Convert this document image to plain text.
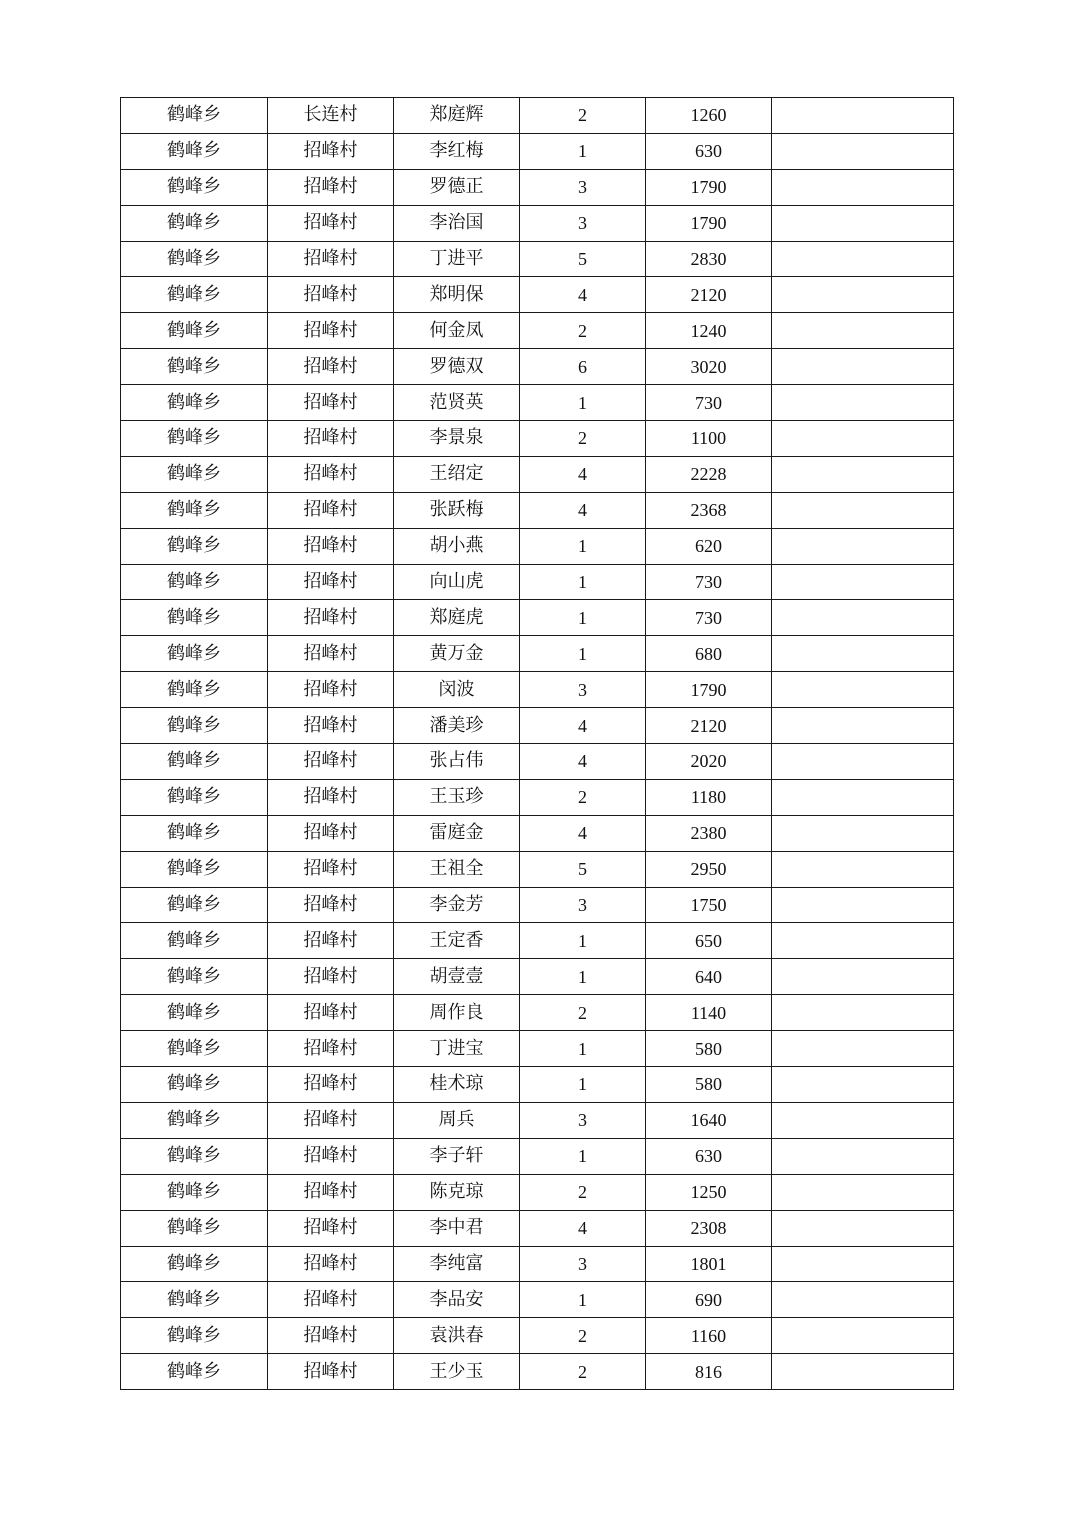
鹤峰乡	长连村	郑庭辉	2	1260	
鹤峰乡	招峰村	李红梅	1	630	
鹤峰乡	招峰村	罗德正	3	1790	
鹤峰乡	招峰村	李治国	3	1790	
鹤峰乡	招峰村	丁进平	5	2830	
鹤峰乡	招峰村	郑明保	4	2120	
鹤峰乡	招峰村	何金凤	2	1240	
鹤峰乡	招峰村	罗德双	6	3020	
鹤峰乡	招峰村	范贤英	1	730	
鹤峰乡	招峰村	李景泉	2	1100	
鹤峰乡	招峰村	王绍定	4	2228	
鹤峰乡	招峰村	张跃梅	4	2368	
鹤峰乡	招峰村	胡小燕	1	620	
鹤峰乡	招峰村	向山虎	1	730	
鹤峰乡	招峰村	郑庭虎	1	730	
鹤峰乡	招峰村	黄万金	1	680	
鹤峰乡	招峰村	闵波	3	1790	
鹤峰乡	招峰村	潘美珍	4	2120	
鹤峰乡	招峰村	张占伟	4	2020	
鹤峰乡	招峰村	王玉珍	2	1180	
鹤峰乡	招峰村	雷庭金	4	2380	
鹤峰乡	招峰村	王祖全	5	2950	
鹤峰乡	招峰村	李金芳	3	1750	
鹤峰乡	招峰村	王定香	1	650	
鹤峰乡	招峰村	胡壹壹	1	640	
鹤峰乡	招峰村	周作良	2	1140	
鹤峰乡	招峰村	丁进宝	1	580	
鹤峰乡	招峰村	桂术琼	1	580	
鹤峰乡	招峰村	周兵	3	1640	
鹤峰乡	招峰村	李子轩	1	630	
鹤峰乡	招峰村	陈克琼	2	1250	
鹤峰乡	招峰村	李中君	4	2308	
鹤峰乡	招峰村	李纯富	3	1801	
鹤峰乡	招峰村	李品安	1	690	
鹤峰乡	招峰村	袁洪春	2	1160	
鹤峰乡	招峰村	王少玉	2	816	
